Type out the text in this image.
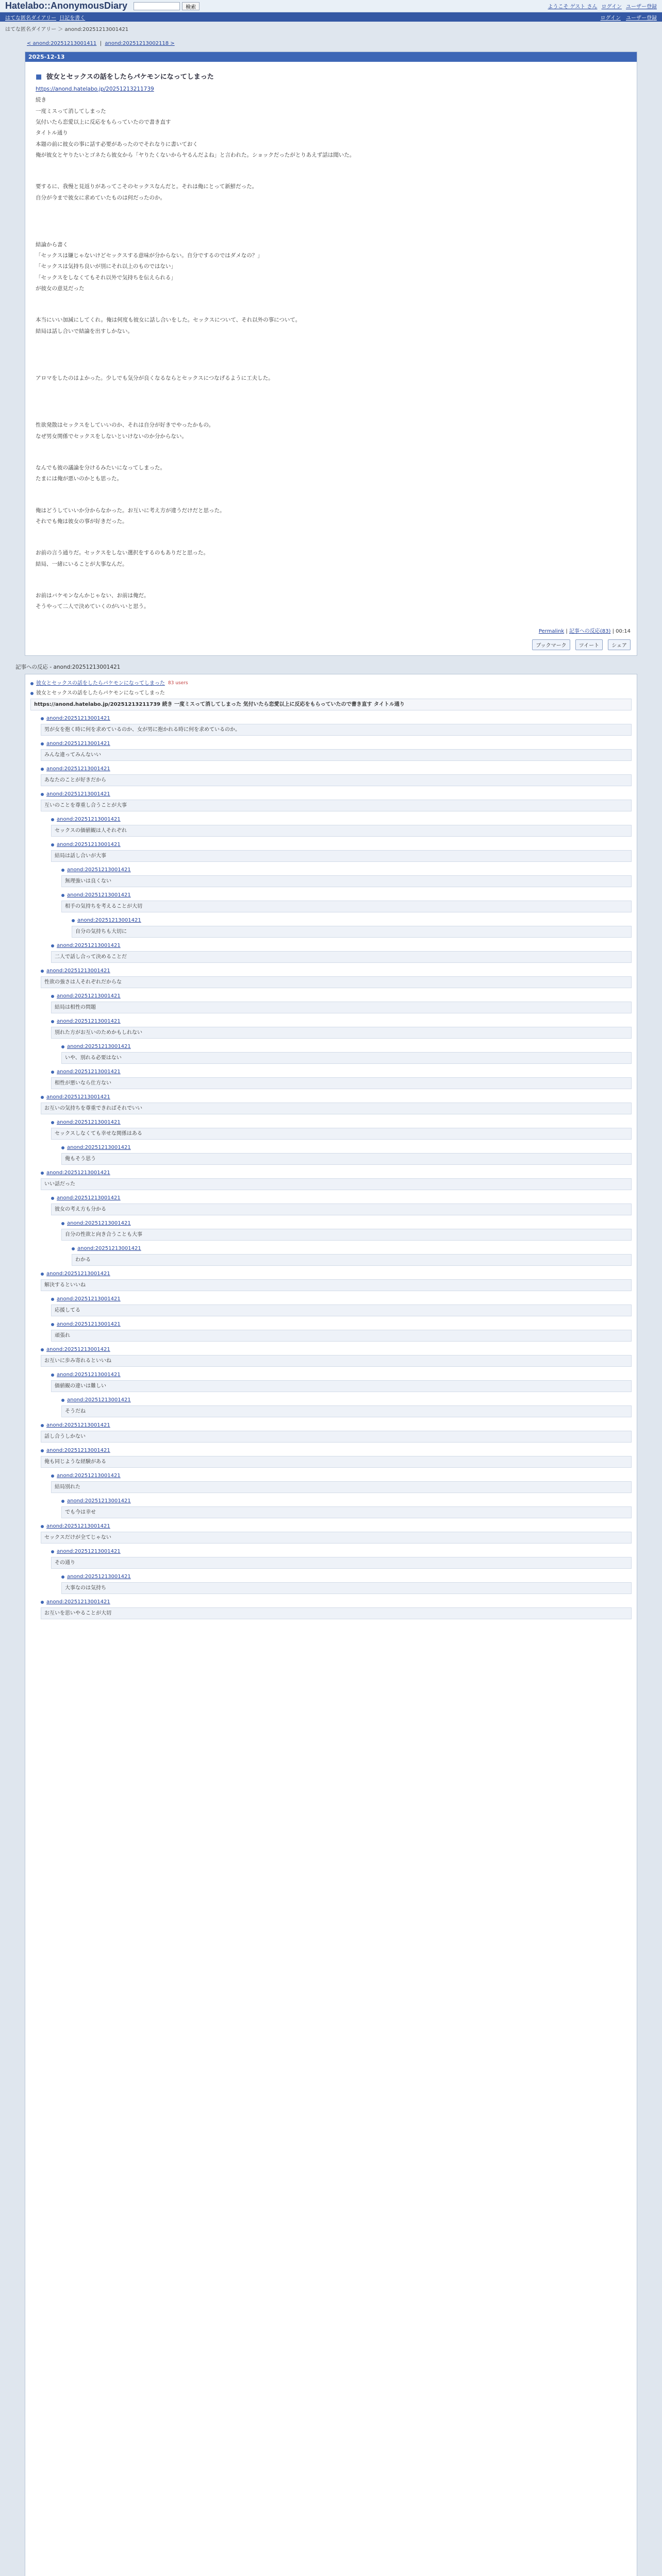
Hatelabo::AnonymousDiary	検索	ようこそ ゲスト さん ログイン ユーザー登録
はてな匿名ダイアリー 日記を書く	ログイン ユーザー登録
はてな匿名ダイアリー ＞ anond:20251213001421
< anond:20251213001411  |  anond:20251213002118 >
2025-12-13
■ 彼女とセックスの話をしたらパケモンになってしまった

https://anond.hatelabo.jp/20251213211739

続き

一度ミスって消してしまった

気付いたら恋愛以上に反応をもらっていたので書き直す

タイトル通り

本題の前に彼女の事に話す必要があったのでそれなりに書いておく

俺が彼女とヤりたいとゴネたら彼女から「ヤりたくないからヤるんだよね」と言われた。ショックだったがとりあえず話は聞いた。

要するに、我慢と見返りがあってこそのセックスなんだと。それは俺にとって新鮮だった。

自分が今まで彼女に求めていたものは何だったのか。

結論から書く

「セックスは嫌じゃないけどセックスする意味が分からない。自分でするのではダメなの？」

「セックスは気持ち良いが別にそれ以上のものではない」

「セックスをしなくてもそれ以外で気持ちを伝えられる」

が彼女の意見だった

本当にいい加減にしてくれ。俺は何度も彼女に話し合いをした。セックスについて、それ以外の事について。

結局は話し合いで結論を出すしかない。

アロマをしたのはよかった。少しでも気分が良くなるならとセックスにつなげるように工夫した。

性欲発散はセックスをしていいのか、それは自分が好きでやったかもの。

なぜ男女関係でセックスをしないといけないのか分からない。

なんでも彼の議論を分けるみたいになってしまった。

たまには俺が悪いのかとも思った。

俺はどうしていいか分からなかった。お互いに考え方が違うだけだと思った。

それでも俺は彼女の事が好きだった。

お前の言う通りだ。セックスをしない選択をするのもありだと思った。

結局、一緒にいることが大事なんだ。

お前はバケモンなんかじゃない、お前は俺だ。

そうやって二人で決めていくのがいいと思う。

Permalink | 記事への反応(83) | 00:14
ブックマーク	ツイート	シェア
記事への反応 - anond:20251213001421
彼女とセックスの話をしたらパケモンになってしまった 83 users
彼女とセックスの話をしたらパケモンになってしまった
https://anond.hatelabo.jp/20251213211739 続き 一度ミスって消してしまった 気付いたら恋愛以上に反応をもらっていたので書き直す タイトル通り
anond:20251213001421
男が女を抱く時に何を求めているのか、女が男に抱かれる時に何を求めているのか。
anond:20251213001421
みんな違ってみんないい
anond:20251213001421
あなたのことが好きだから
anond:20251213001421
互いのことを尊重し合うことが大事
anond:20251213001421
セックスの価値観は人それぞれ
anond:20251213001421
結局は話し合いが大事
anond:20251213001421
無理強いは良くない
anond:20251213001421
相手の気持ちを考えることが大切
anond:20251213001421
自分の気持ちも大切に
anond:20251213001421
二人で話し合って決めることだ
anond:20251213001421
性欲の強さは人それぞれだからな
anond:20251213001421
結局は相性の問題
anond:20251213001421
別れた方がお互いのためかもしれない
anond:20251213001421
いや、別れる必要はない
anond:20251213001421
相性が悪いなら仕方ない
anond:20251213001421
お互いの気持ちを尊重できればそれでいい
anond:20251213001421
セックスしなくても幸せな関係はある
anond:20251213001421
俺もそう思う
anond:20251213001421
いい話だった
anond:20251213001421
彼女の考え方も分かる
anond:20251213001421
自分の性欲と向き合うことも大事
anond:20251213001421
わかる
anond:20251213001421
解決するといいね
anond:20251213001421
応援してる
anond:20251213001421
頑張れ
anond:20251213001421
お互いに歩み寄れるといいね
anond:20251213001421
価値観の違いは難しい
anond:20251213001421
そうだね
anond:20251213001421
話し合うしかない
anond:20251213001421
俺も同じような経験がある
anond:20251213001421
結局別れた
anond:20251213001421
でも今は幸せ
anond:20251213001421
セックスだけが全てじゃない
anond:20251213001421
その通り
anond:20251213001421
大事なのは気持ち
anond:20251213001421
お互いを思いやることが大切
